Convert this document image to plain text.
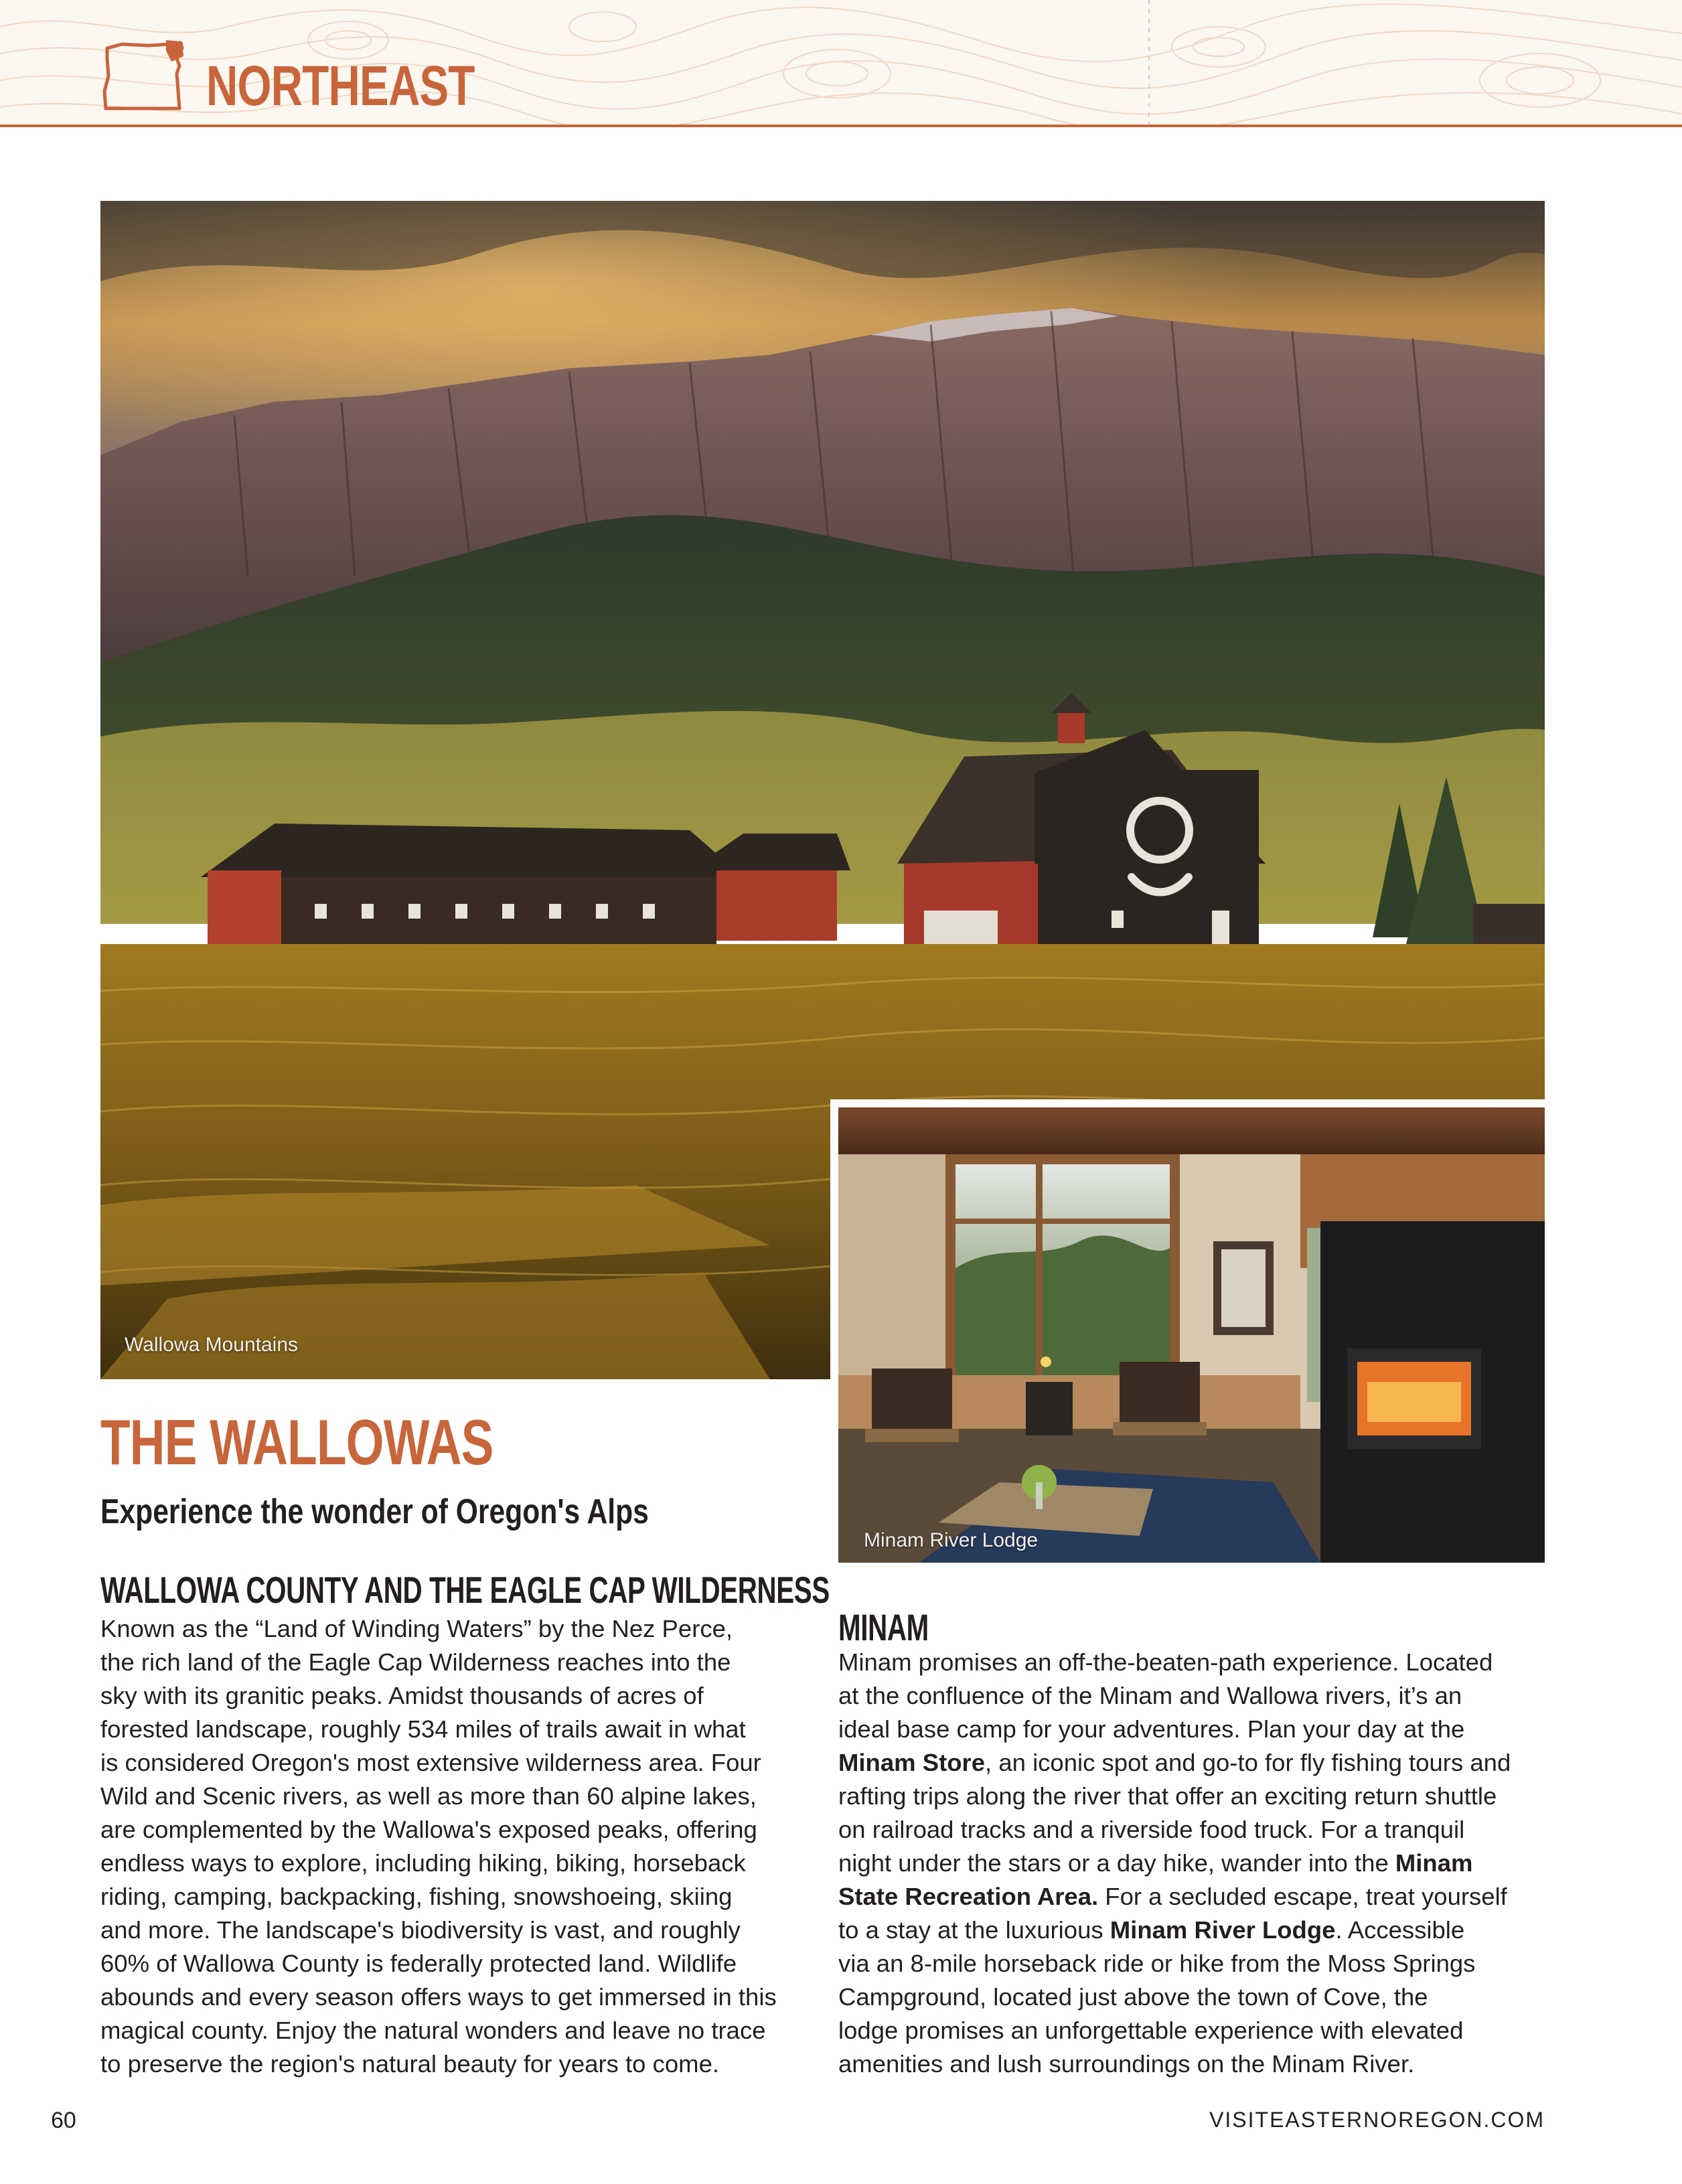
NORTHEAST
Wallowa Mountains
Minam River Lodge
THE WALLOWAS
Experience the wonder of Oregon's Alps
WALLOWA COUNTY AND THE EAGLE CAP WILDERNESS

Known as the “Land of Winding Waters” by the Nez Perce,
the rich land of the Eagle Cap Wilderness reaches into the
sky with its granitic peaks. Amidst thousands of acres of
forested landscape, roughly 534 miles of trails await in what
is considered Oregon's most extensive wilderness area. Four
Wild and Scenic rivers, as well as more than 60 alpine lakes,
are complemented by the Wallowa's exposed peaks, offering
endless ways to explore, including hiking, biking, horseback
riding, camping, backpacking, fishing, snowshoeing, skiing
and more. The landscape's biodiversity is vast, and roughly
60% of Wallowa County is federally protected land. Wildlife
abounds and every season offers ways to get immersed in this
magical county. Enjoy the natural wonders and leave no trace
to preserve the region's natural beauty for years to come.

MINAM

Minam promises an off-the-beaten-path experience. Located
at the confluence of the Minam and Wallowa rivers, it’s an
ideal base camp for your adventures. Plan your day at the
Minam Store, an iconic spot and go-to for fly fishing tours and
rafting trips along the river that offer an exciting return shuttle
on railroad tracks and a riverside food truck. For a tranquil
night under the stars or a day hike, wander into the Minam
State Recreation Area. For a secluded escape, treat yourself
to a stay at the luxurious Minam River Lodge. Accessible
via an 8-mile horseback ride or hike from the Moss Springs
Campground, located just above the town of Cove, the
lodge promises an unforgettable experience with elevated
amenities and lush surroundings on the Minam River.

60	VISITEASTERNOREGON.COM
